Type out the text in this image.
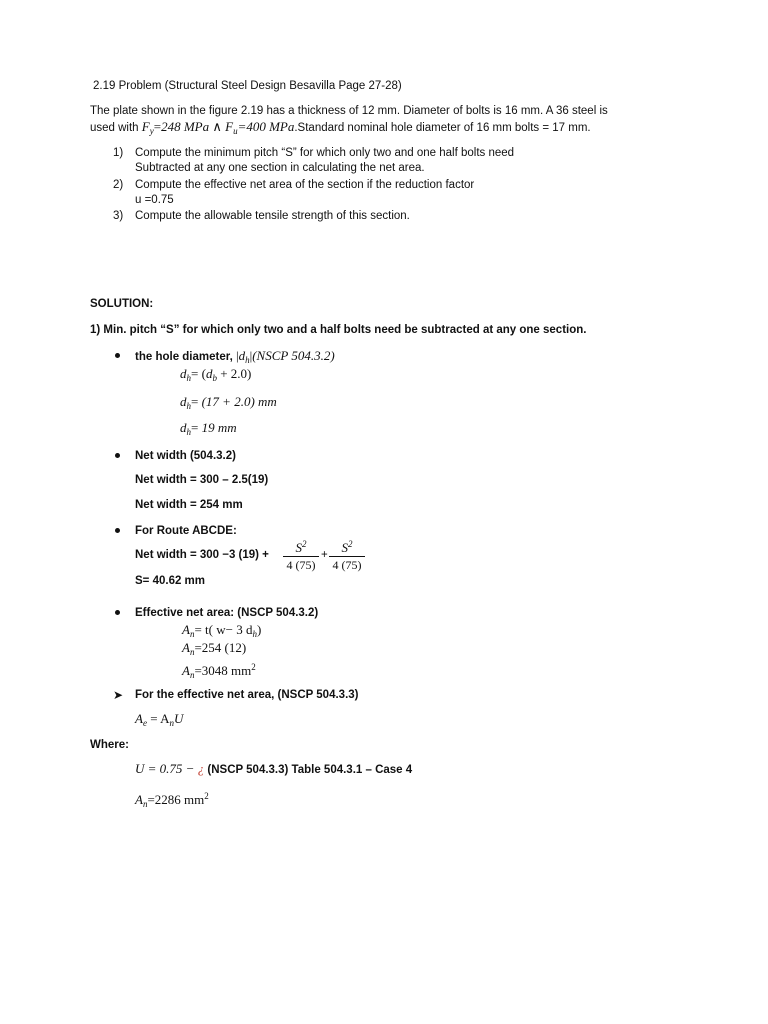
2.19 Problem (Structural Steel Design Besavilla Page 27-28)
The plate shown in the figure 2.19 has a thickness of 12 mm. Diameter of bolts is 16 mm. A 36 steel is
used with $F_y=248$ MPa ∧ $F_u=400$ MPa.Standard nominal hole diameter of 16 mm bolts = 17 mm.
1) Compute the minimum pitch “S” for which only two and one half bolts need
Subtracted at any one section in calculating the net area.
2) Compute the effective net area of the section if the reduction factor
u =0.75
3) Compute the allowable tensile strength of this section.
SOLUTION:
1) Min. pitch “S” for which only two and a half bolts need be subtracted at any one section.
the hole diameter, $|d_h|(NSCP$ 504.3.2)
$d_h= (d_b + 2.0)$
$d_h= (17 + 2.0)$ mm
$d_h= 19$ mm
Net width (504.3.2)
Net width = 300 – 2.5(19)
Net width = 254 mm
For Route ABCDE:
Net width = 300 −3 (19) +	$S^2$
4 (75)
+	$S^2$
4 (75)
S= 40.62 mm
Effective net area: (NSCP 504.3.2)
$A_n= t$( w− 3 $d_h$)
$A_n=254$ (12)
$A_n=3048$ $mm^2$
➤ For the effective net area, (NSCP 504.3.3)
$A_e = A_nU$
Where:
U = 0.75 − ¿ (NSCP 504.3.3) Table 504.3.1 – Case 4
$A_n=2286$ $mm^2$
